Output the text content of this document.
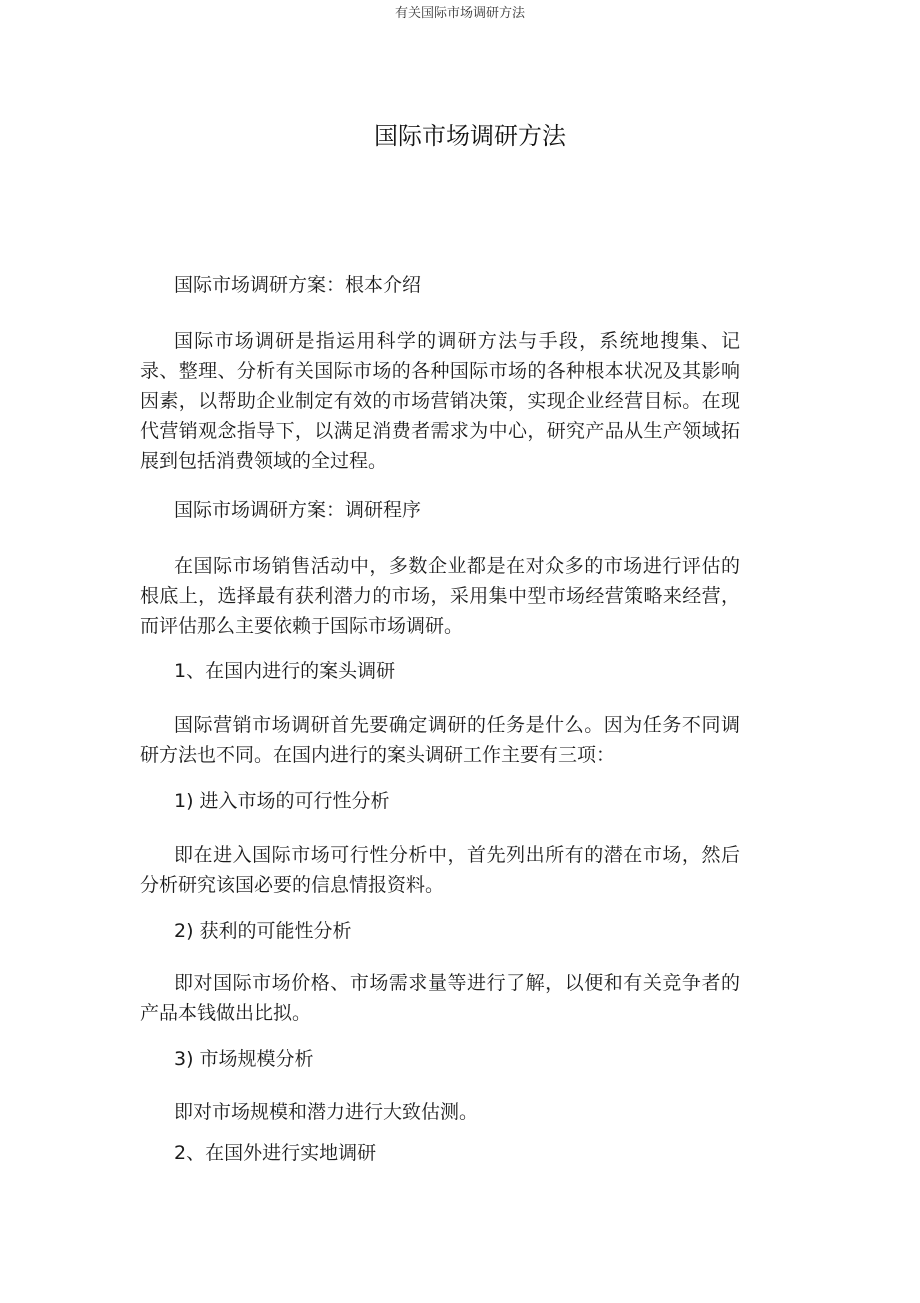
有关国际市场调研方法
国际市场调研方法

国际市场调研方案：根本介绍

国际市场调研是指运用科学的调研方法与手段，系统地搜集、记录、整理、分析有关国际市场的各种国际市场的各种根本状况及其影响因素，以帮助企业制定有效的市场营销决策，实现企业经营目标。在现代营销观念指导下，以满足消费者需求为中心，研究产品从生产领域拓展到包括消费领域的全过程。

国际市场调研方案：调研程序

在国际市场销售活动中，多数企业都是在对众多的市场进行评估的根底上，选择最有获利潜力的市场，采用集中型市场经营策略来经营，而评估那么主要依赖于国际市场调研。

1、在国内进行的案头调研

国际营销市场调研首先要确定调研的任务是什么。因为任务不同调研方法也不同。在国内进行的案头调研工作主要有三项：

1) 进入市场的可行性分析

即在进入国际市场可行性分析中，首先列出所有的潜在市场，然后分析研究该国必要的信息情报资料。

2) 获利的可能性分析

即对国际市场价格、市场需求量等进行了解，以便和有关竞争者的产品本钱做出比拟。

3) 市场规模分析

即对市场规模和潜力进行大致估测。

2、在国外进行实地调研
